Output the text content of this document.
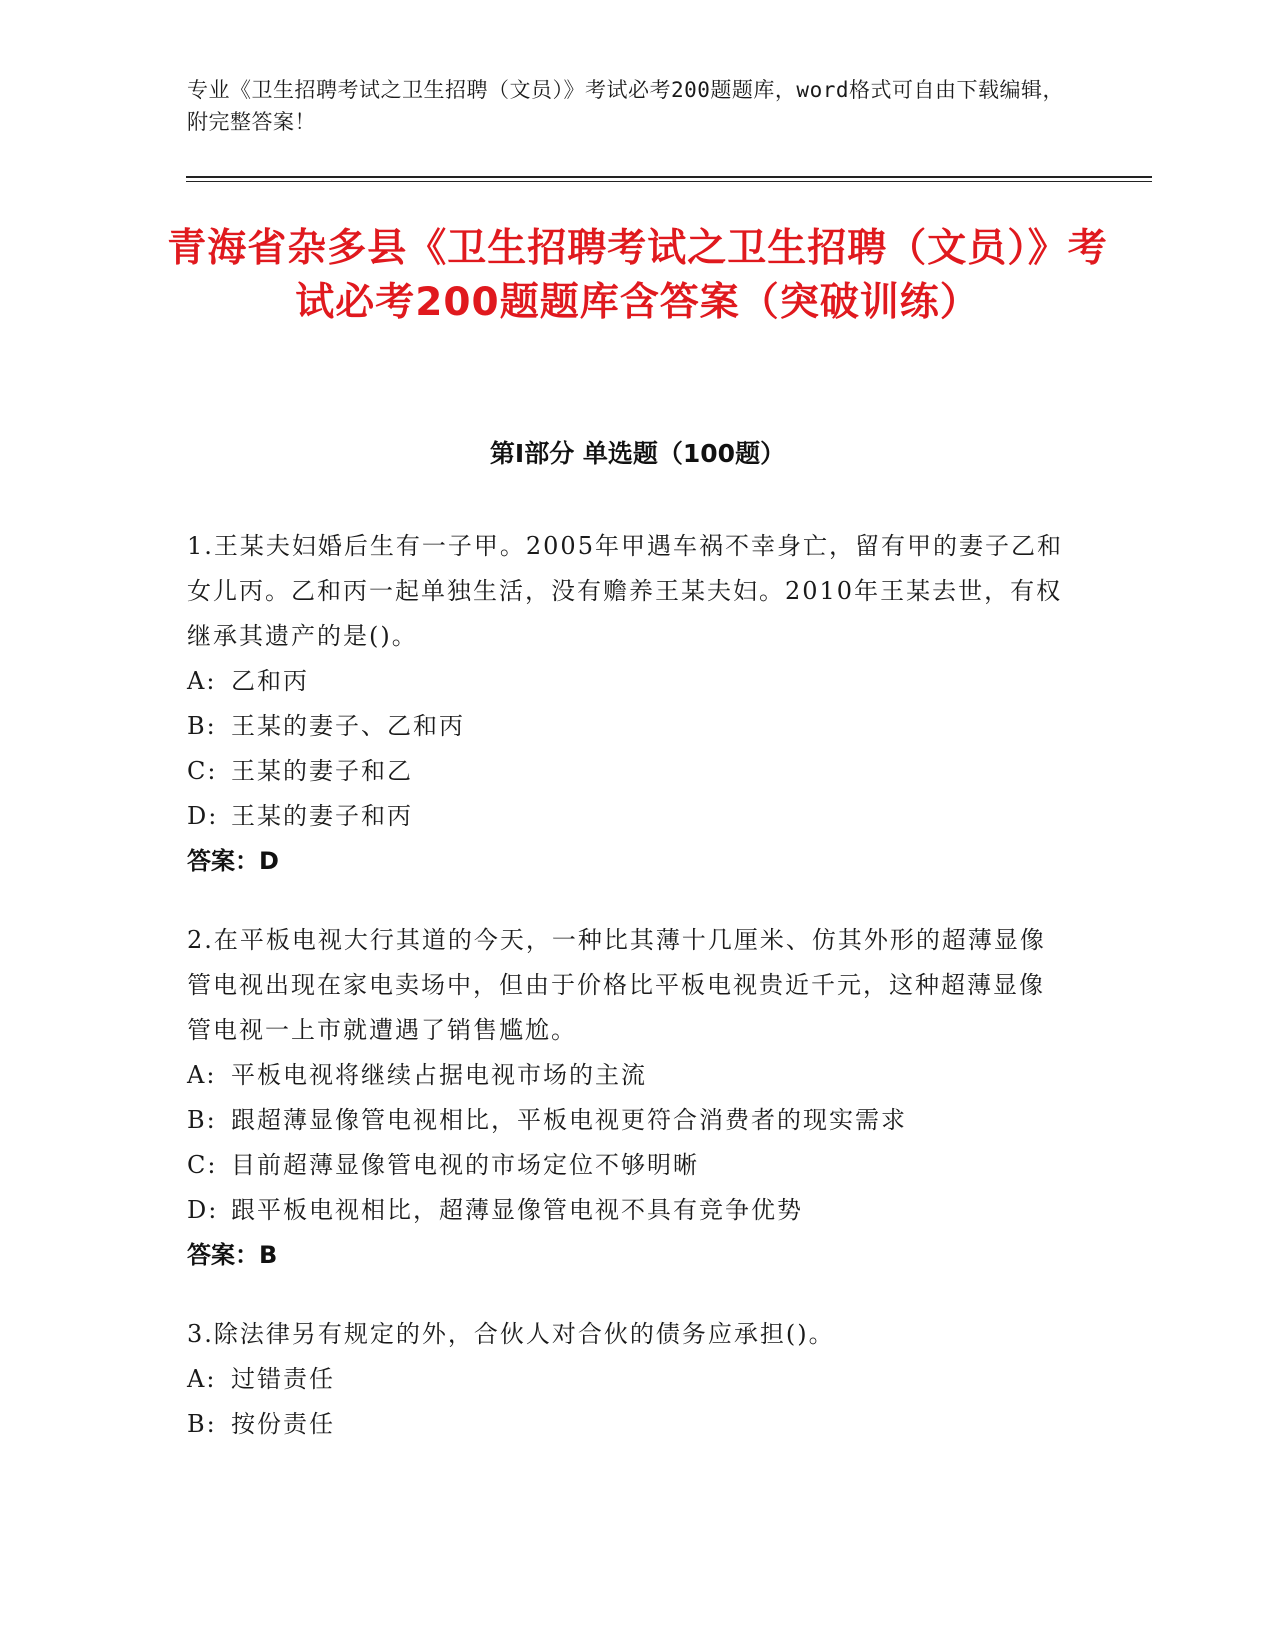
专业《卫生招聘考试之卫生招聘（文员）》考试必考200题题库，word格式可自由下载编辑，附完整答案！
青海省杂多县《卫生招聘考试之卫生招聘（文员）》考试必考200题题库含答案（突破训练）
第I部分 单选题（100题）

1.王某夫妇婚后生有一子甲。2005年甲遇车祸不幸身亡，留有甲的妻子乙和女儿丙。乙和丙一起单独生活，没有赡养王某夫妇。2010年王某去世，有权继承其遗产的是()。

A: 乙和丙

B: 王某的妻子、乙和丙

C: 王某的妻子和乙

D: 王某的妻子和丙

答案：D

2.在平板电视大行其道的今天，一种比其薄十几厘米、仿其外形的超薄显像管电视出现在家电卖场中，但由于价格比平板电视贵近千元，这种超薄显像管电视一上市就遭遇了销售尴尬。

A: 平板电视将继续占据电视市场的主流

B: 跟超薄显像管电视相比，平板电视更符合消费者的现实需求

C: 目前超薄显像管电视的市场定位不够明晰

D: 跟平板电视相比，超薄显像管电视不具有竞争优势

答案：B

3.除法律另有规定的外，合伙人对合伙的债务应承担()。

A: 过错责任

B: 按份责任
